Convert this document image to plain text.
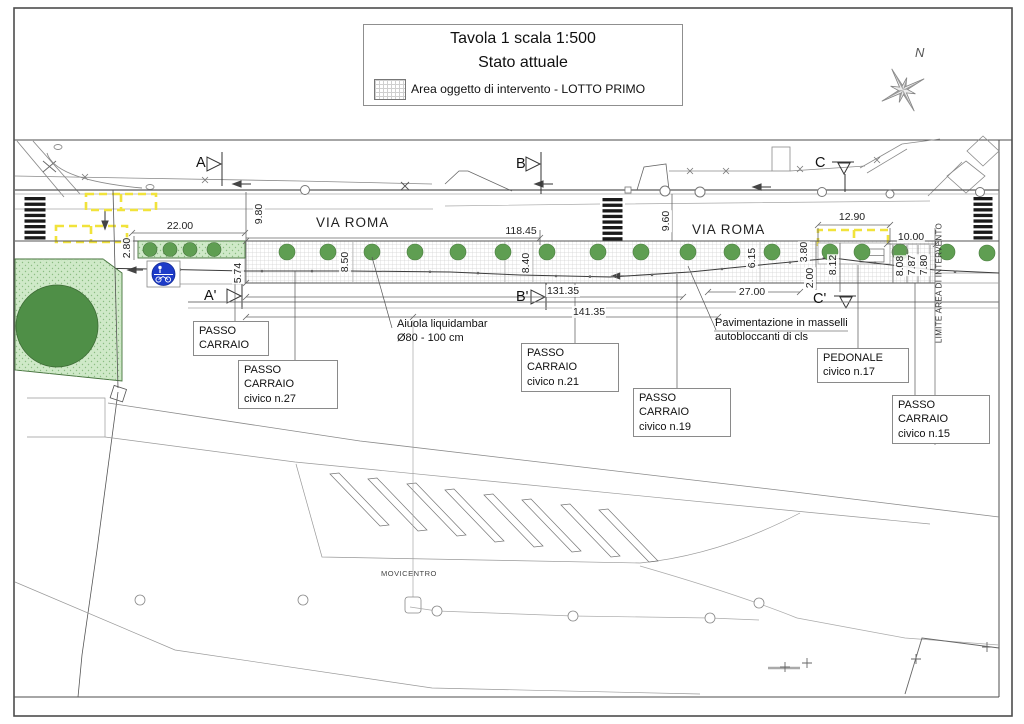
Tavola 1 scala 1:500
Stato attuale
Area oggetto di intervento - LOTTO PRIMO
N
VIA ROMA	VIA ROMA
A	B	C
A'	B'	C'
22.00	118.45
12.90
10.00
131.35
141.35
27.00
2.80
9.80
5.74
8.50	8.40
9.60
6.15	3.80
2.00
8.12	8.08 7.87 7.80
PASSO
CARRAIO
PASSO CARRAIO
civico n.27
PASSO CARRAIO
civico n.21
PASSO CARRAIO
civico n.19
PEDONALE
civico n.17
PASSO CARRAIO
civico n.15
Aiuola liquidambar
Ø80 - 100 cm
Pavimentazione in masselli
autobloccanti di cls
MOVICENTRO
LIMITE AREA DI INTERVENTO
